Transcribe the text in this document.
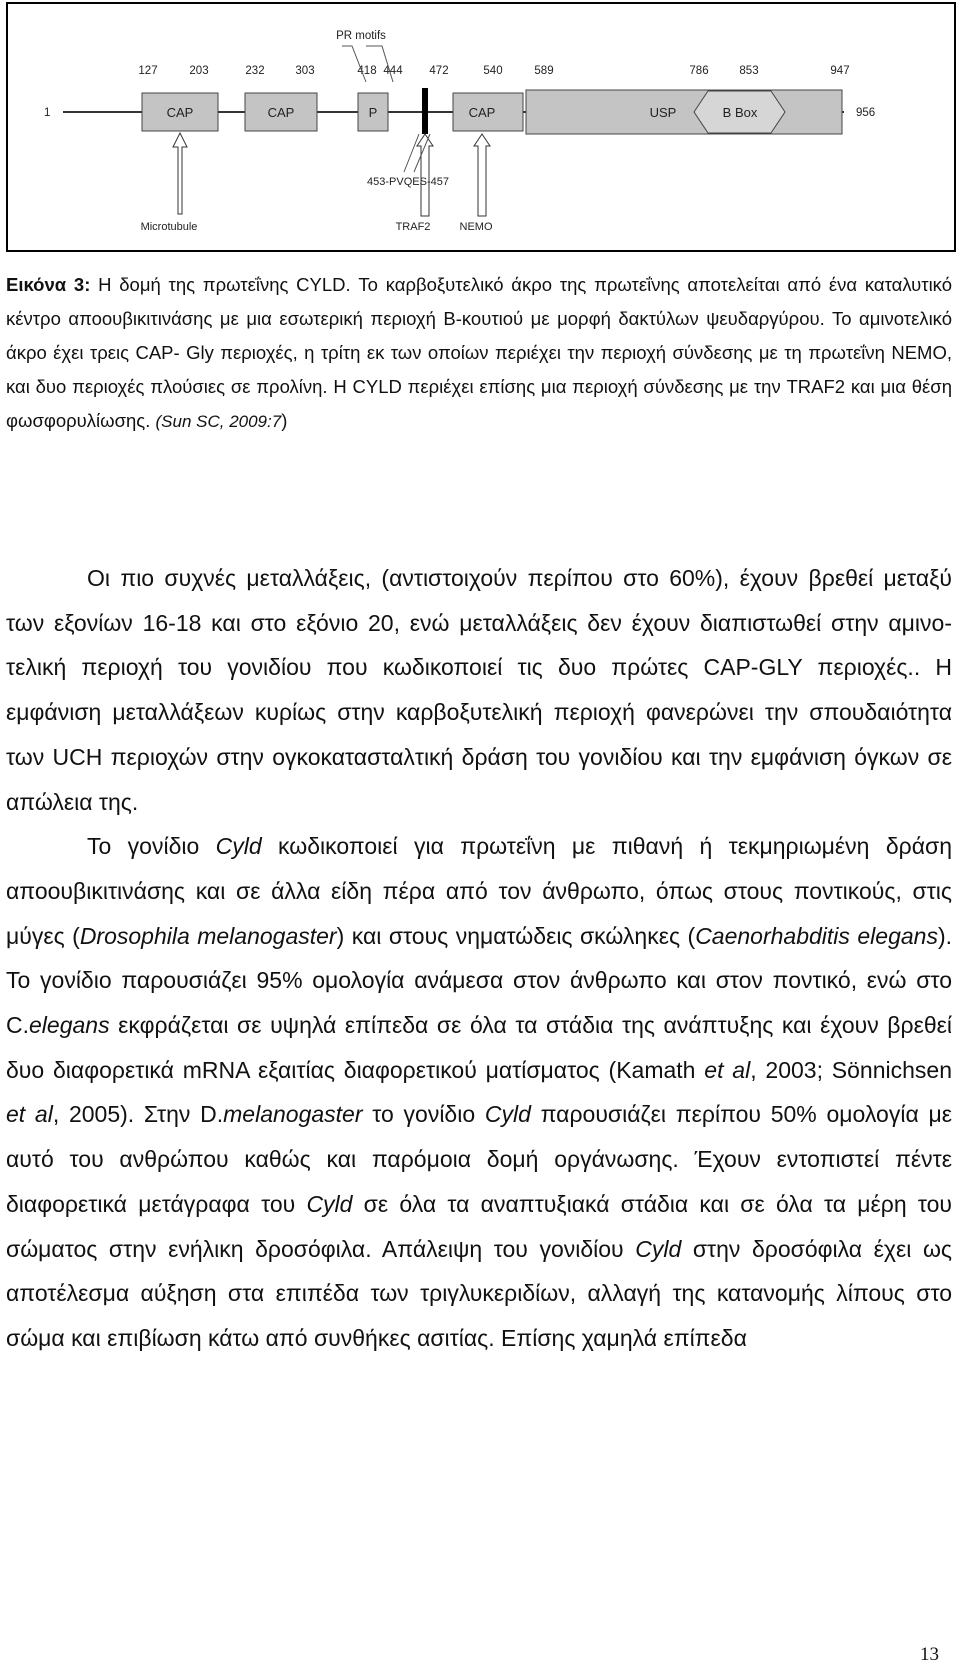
CAP	CAP	P	CAP	USP	B Box
1	956
127	203	232	303	418 444 472	540	589	786	853	947
PR motifs
Microtubule	TRAF2	NEMO
453-PVQES-457
Εικόνα 3: Η δομή της πρωτεΐνης CYLD. Το καρβοξυτελικό άκρο της πρωτεΐνης αποτελείται από ένα καταλυτικό κέντρο αποουβικιτινάσης με μια εσωτερική περιοχή B-κουτιού με μορφή δακτύλων ψευδαργύρου. Το αμινοτελικό άκρο έχει τρεις CAP- Gly περιοχές, η τρίτη εκ των οποίων περιέχει την περιοχή σύνδεσης με τη πρωτεΐνη NEMO, και δυο περιοχές πλούσιες σε προλίνη. Η CYLD περιέχει επίσης μια περιοχή σύνδεσης με την TRAF2 και μια θέση φωσφορυλίωσης. (Sun SC, 2009:7)

Οι πιο συχνές μεταλλάξεις, (αντιστοιχούν περίπου στο 60%), έχουν βρεθεί μεταξύ των εξονίων 16-18 και στο εξόνιο 20, ενώ μεταλλάξεις δεν έχουν διαπιστωθεί στην αμινο-τελική περιοχή του γονιδίου που κωδικοποιεί τις δυο πρώτες CAP-GLY περιοχές.. Η εμφάνιση μεταλλάξεων κυρίως στην καρβοξυτελική περιοχή φανερώνει την σπουδαιότητα των UCH περιοχών στην ογκοκατασταλτική δράση του γονιδίου και την εμφάνιση όγκων σε απώλεια της.

Το γονίδιο Cyld κωδικοποιεί για πρωτεΐνη με πιθανή ή τεκμηριωμένη δράση αποουβικιτινάσης και σε άλλα είδη πέρα από τον άνθρωπο, όπως στους ποντικούς, στις μύγες (Drosophila melanogaster) και στους νηματώδεις σκώληκες (Caenorhabditis elegans). Το γονίδιο παρουσιάζει 95% ομολογία ανάμεσα στον άνθρωπο και στον ποντικό, ενώ στο C.elegans εκφράζεται σε υψηλά επίπεδα σε όλα τα στάδια της ανάπτυξης και έχουν βρεθεί δυο διαφορετικά mRNA εξαιτίας διαφορετικού ματίσματος (Kamath et al, 2003; Sönnichsen et al, 2005). Στην D.melanogaster το γονίδιο Cyld παρουσιάζει περίπου 50% ομολογία με αυτό του ανθρώπου καθώς και παρόμοια δομή οργάνωσης. Έχουν εντοπιστεί πέντε διαφορετικά μετάγραφα του Cyld σε όλα τα αναπτυξιακά στάδια και σε όλα τα μέρη του σώματος στην ενήλικη δροσόφιλα. Απάλειψη του γονιδίου Cyld στην δροσόφιλα έχει ως αποτέλεσμα αύξηση στα επιπέδα των τριγλυκεριδίων, αλλαγή της κατανομής λίπους στο σώμα και επιβίωση κάτω από συνθήκες ασιτίας. Επίσης χαμηλά επίπεδα

13
